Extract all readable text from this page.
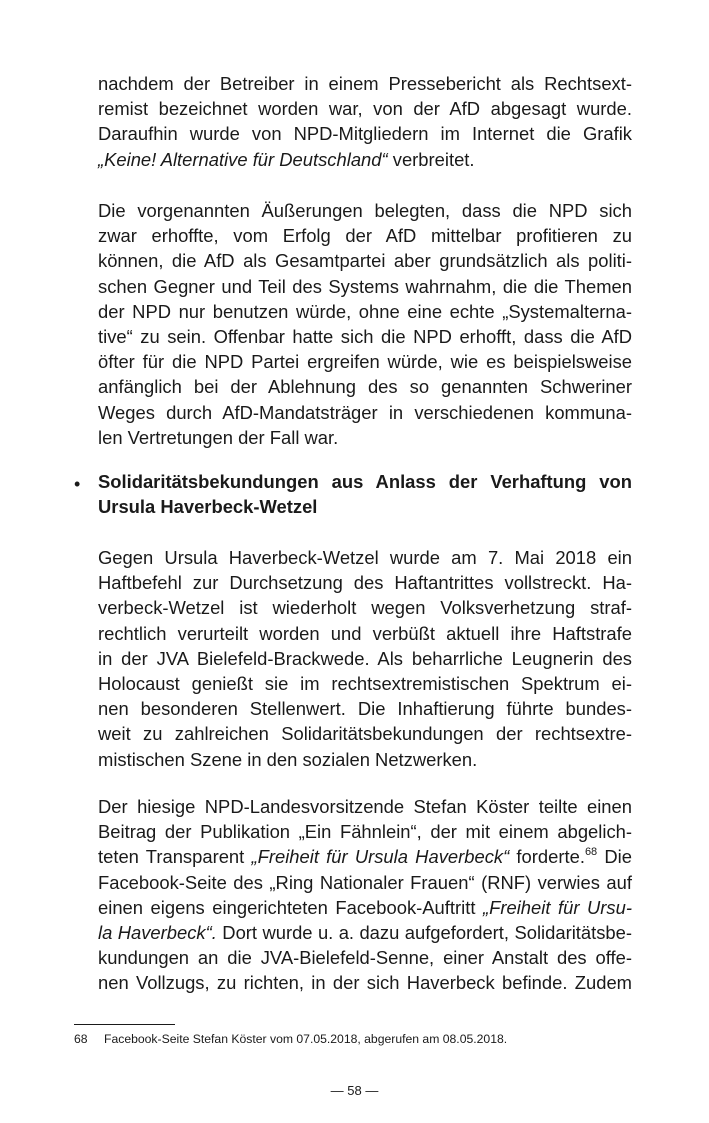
nachdem der Betreiber in einem Pressebericht als Rechtsext-
remist bezeichnet worden war, von der AfD abgesagt wurde.
Daraufhin wurde von NPD-Mitgliedern im Internet die Grafik
„Keine! Alternative für Deutschland“ verbreitet.
Die vorgenannten Äußerungen belegten, dass die NPD sich
zwar erhoffte, vom Erfolg der AfD mittelbar profitieren zu
können, die AfD als Gesamtpartei aber grundsätzlich als politi-
schen Gegner und Teil des Systems wahrnahm, die die Themen
der NPD nur benutzen würde, ohne eine echte „Systemalterna-
tive“ zu sein. Offenbar hatte sich die NPD erhofft, dass die AfD
öfter für die NPD Partei ergreifen würde, wie es beispielsweise
anfänglich bei der Ablehnung des so genannten Schweriner
Weges durch AfD-Mandatsträger in verschiedenen kommuna-
len Vertretungen der Fall war.
• Solidaritätsbekundungen aus Anlass der Verhaftung von
Ursula Haverbeck-Wetzel
Gegen Ursula Haverbeck-Wetzel wurde am 7. Mai 2018 ein
Haftbefehl zur Durchsetzung des Haftantrittes vollstreckt. Ha-
verbeck-Wetzel ist wiederholt wegen Volksverhetzung straf-
rechtlich verurteilt worden und verbüßt aktuell ihre Haftstrafe
in der JVA Bielefeld-Brackwede. Als beharrliche Leugnerin des
Holocaust genießt sie im rechtsextremistischen Spektrum ei-
nen besonderen Stellenwert. Die Inhaftierung führte bundes-
weit zu zahlreichen Solidaritätsbekundungen der rechtsextre-
mistischen Szene in den sozialen Netzwerken.
Der hiesige NPD-Landesvorsitzende Stefan Köster teilte einen
Beitrag der Publikation „Ein Fähnlein“, der mit einem abgelich-
teten Transparent „Freiheit für Ursula Haverbeck“ forderte.$^{68}$ Die
Facebook-Seite des „Ring Nationaler Frauen“ (RNF) verwies auf
einen eigens eingerichteten Facebook-Auftritt „Freiheit für Ursu-
la Haverbeck“. Dort wurde u. a. dazu aufgefordert, Solidaritätsbe-
kundungen an die JVA-Bielefeld-Senne, einer Anstalt des offe-
nen Vollzugs, zu richten, in der sich Haverbeck befinde. Zudem
68 Facebook-Seite Stefan Köster vom 07.05.2018, abgerufen am 08.05.2018.
— 58 —
